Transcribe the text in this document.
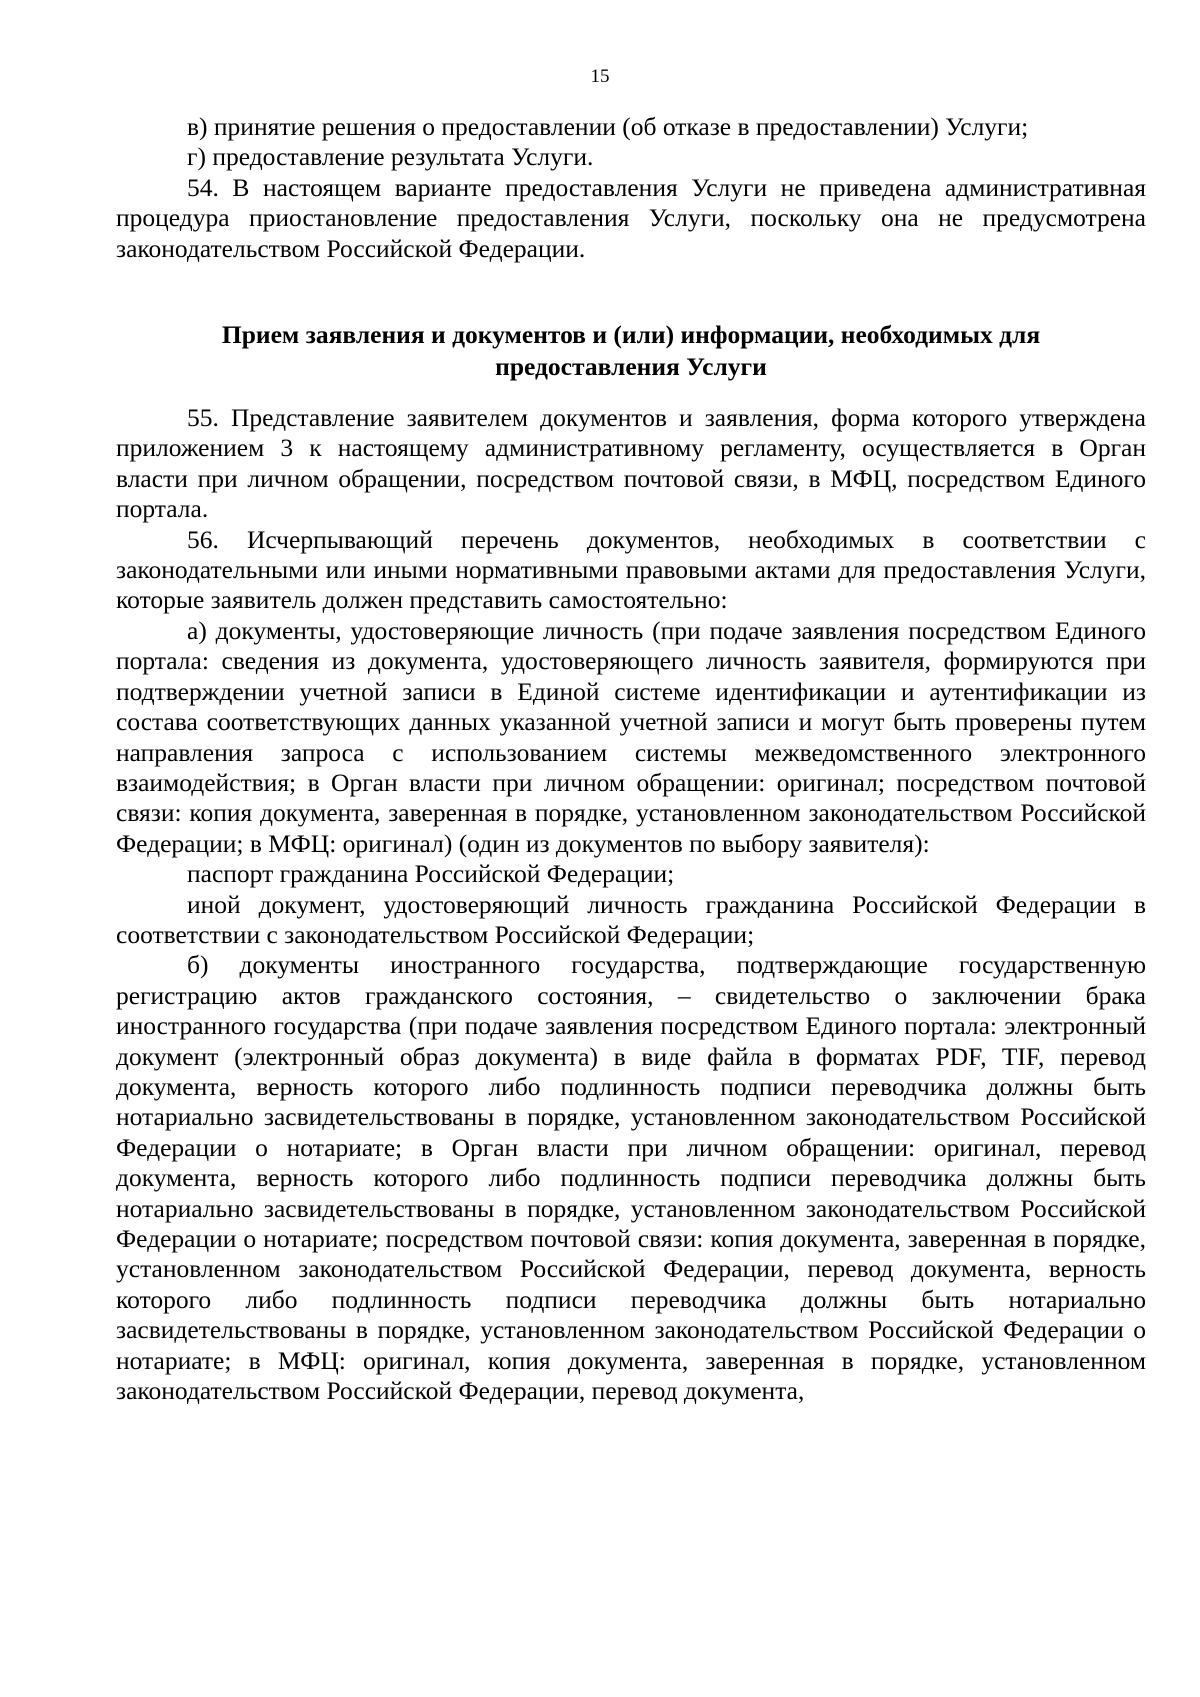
15

в) принятие решения о предоставлении (об отказе в предоставлении) Услуги;

г) предоставление результата Услуги.

54. В настоящем варианте предоставления Услуги не приведена административная процедура приостановление предоставления Услуги, поскольку она не предусмотрена законодательством Российской Федерации.

Прием заявления и документов и (или) информации, необходимых для
предоставления Услуги

55. Представление заявителем документов и заявления, форма которого утверждена приложением 3 к настоящему административному регламенту, осуществляется в Орган власти при личном обращении, посредством почтовой связи, в МФЦ, посредством Единого портала.

56. Исчерпывающий перечень документов, необходимых в соответствии с законодательными или иными нормативными правовыми актами для предоставления Услуги, которые заявитель должен представить самостоятельно:

а) документы, удостоверяющие личность (при подаче заявления посредством Единого портала: сведения из документа, удостоверяющего личность заявителя, формируются при подтверждении учетной записи в Единой системе идентификации и аутентификации из состава соответствующих данных указанной учетной записи и могут быть проверены путем направления запроса с использованием системы межведомственного электронного взаимодействия; в Орган власти при личном обращении: оригинал; посредством почтовой связи: копия документа, заверенная в порядке, установленном законодательством Российской Федерации; в МФЦ: оригинал) (один из документов по выбору заявителя):

паспорт гражданина Российской Федерации;

иной документ, удостоверяющий личность гражданина Российской Федерации в соответствии с законодательством Российской Федерации;

б) документы иностранного государства, подтверждающие государственную регистрацию актов гражданского состояния, – свидетельство о заключении брака иностранного государства (при подаче заявления посредством Единого портала: электронный документ (электронный образ документа) в виде файла в форматах PDF, TIF, перевод документа, верность которого либо подлинность подписи переводчика должны быть нотариально засвидетельствованы в порядке, установленном законодательством Российской Федерации о нотариате; в Орган власти при личном обращении: оригинал, перевод документа, верность которого либо подлинность подписи переводчика должны быть нотариально засвидетельствованы в порядке, установленном законодательством Российской Федерации о нотариате; посредством почтовой связи: копия документа, заверенная в порядке, установленном законодательством Российской Федерации, перевод документа, верность которого либо подлинность подписи переводчика должны быть нотариально засвидетельствованы в порядке, установленном законодательством Российской Федерации о нотариате; в МФЦ: оригинал, копия документа, заверенная в порядке, установленном законодательством Российской Федерации, перевод документа,
